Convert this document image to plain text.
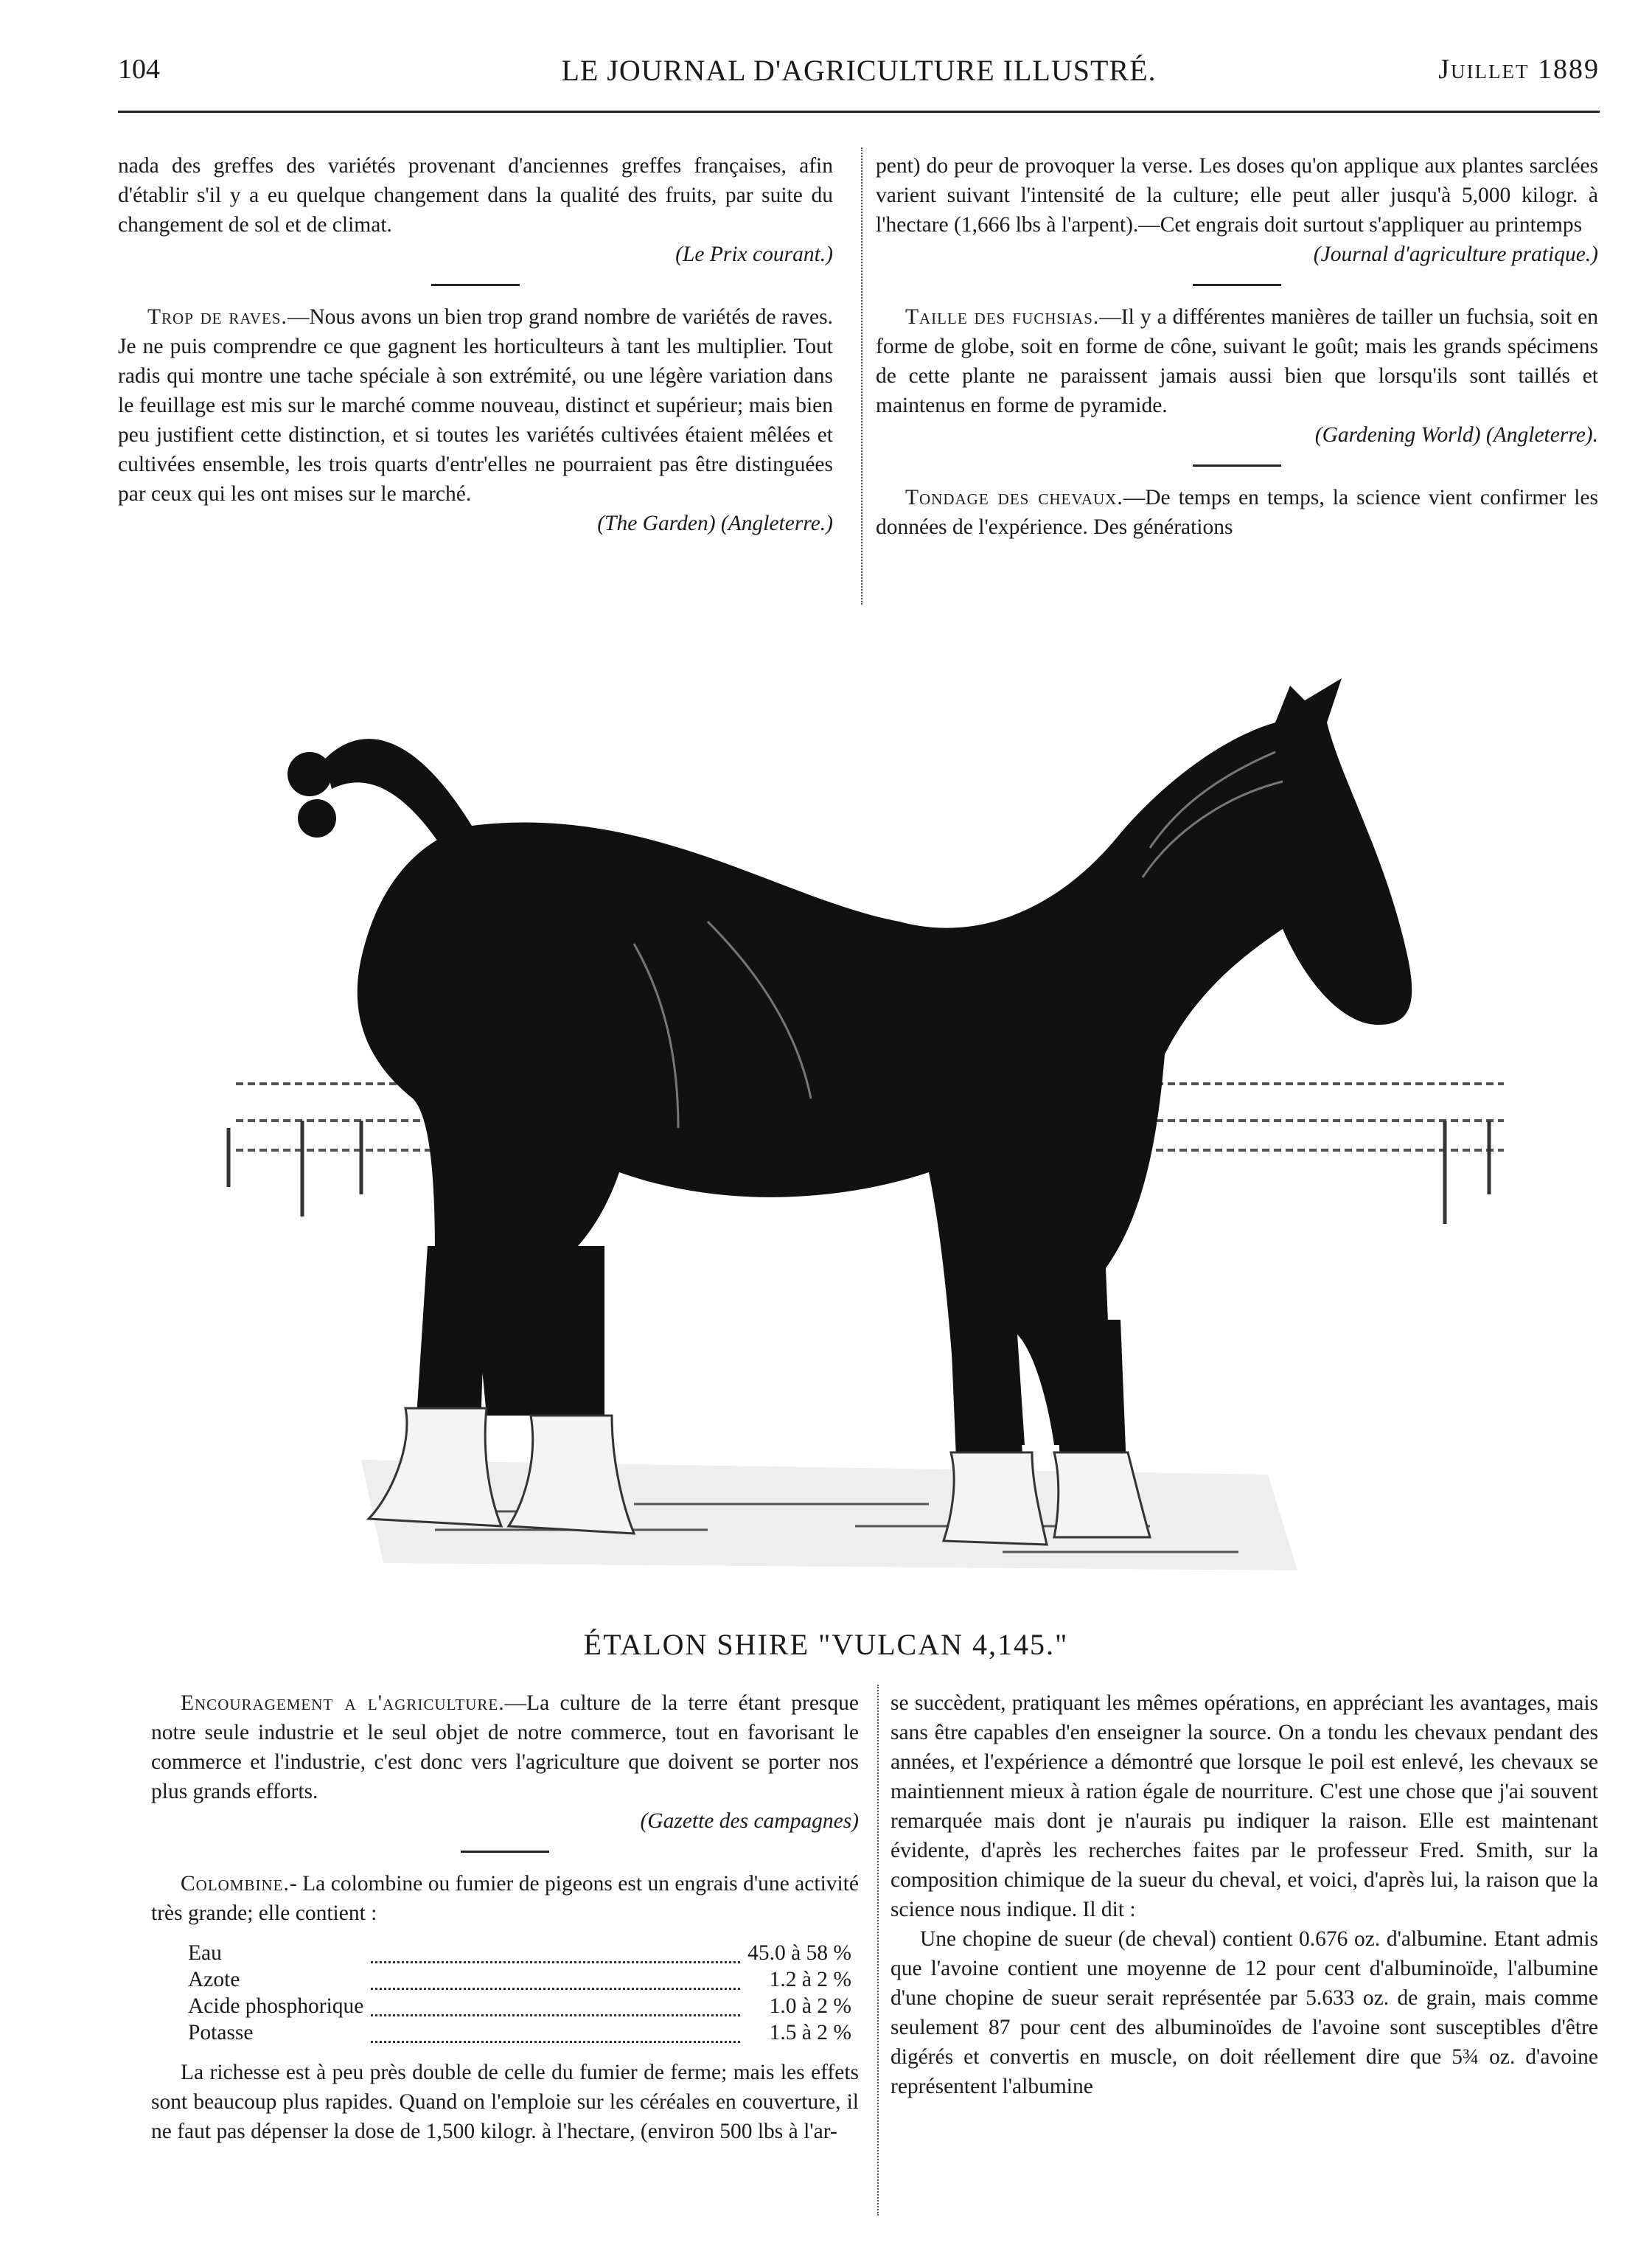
104	LE JOURNAL D'AGRICULTURE ILLUSTRÉ.	Juillet 1889

nada des greffes des variétés provenant d'anciennes greffes françaises, afin d'établir s'il y a eu quelque changement dans la qualité des fruits, par suite du changement de sol et de climat.

(Le Prix courant.)

Trop de raves.—Nous avons un bien trop grand nombre de variétés de raves. Je ne puis comprendre ce que gagnent les horticulteurs à tant les multiplier. Tout radis qui montre une tache spéciale à son extrémité, ou une légère variation dans le feuillage est mis sur le marché comme nouveau, distinct et supérieur; mais bien peu justifient cette distinction, et si toutes les variétés cultivées étaient mêlées et cultivées ensemble, les trois quarts d'entr'elles ne pourraient pas être distinguées par ceux qui les ont mises sur le marché.

(The Garden) (Angleterre.)

pent) do peur de provoquer la verse. Les doses qu'on applique aux plantes sarclées varient suivant l'intensité de la culture; elle peut aller jusqu'à 5,000 kilogr. à l'hectare (1,666 lbs à l'arpent).—Cet engrais doit surtout s'appliquer au printemps

(Journal d'agriculture pratique.)

Taille des fuchsias.—Il y a différentes manières de tailler un fuchsia, soit en forme de globe, soit en forme de cône, suivant le goût; mais les grands spécimens de cette plante ne paraissent jamais aussi bien que lorsqu'ils sont taillés et maintenus en forme de pyramide.

(Gardening World) (Angleterre).

Tondage des chevaux.—De temps en temps, la science vient confirmer les données de l'expérience. Des générations

ÉTALON SHIRE "VULCAN 4,145."

Encouragement a l'agriculture.—La culture de la terre étant presque notre seule industrie et le seul objet de notre commerce, tout en favorisant le commerce et l'industrie, c'est donc vers l'agriculture que doivent se porter nos plus grands efforts.

(Gazette des campagnes)

Colombine.- La colombine ou fumier de pigeons est un engrais d'une activité très grande; elle contient :

Eau		45.0 à 58 %
Azote		1.2 à 2 %
Acide phosphorique		1.0 à 2 %
Potasse		1.5 à 2 %

La richesse est à peu près double de celle du fumier de ferme; mais les effets sont beaucoup plus rapides. Quand on l'emploie sur les céréales en couverture, il ne faut pas dépenser la dose de 1,500 kilogr. à l'hectare, (environ 500 lbs à l'ar-

se succèdent, pratiquant les mêmes opérations, en appréciant les avantages, mais sans être capables d'en enseigner la source. On a tondu les chevaux pendant des années, et l'expérience a démontré que lorsque le poil est enlevé, les chevaux se maintiennent mieux à ration égale de nourriture. C'est une chose que j'ai souvent remarquée mais dont je n'aurais pu indiquer la raison. Elle est maintenant évidente, d'après les recherches faites par le professeur Fred. Smith, sur la composition chimique de la sueur du cheval, et voici, d'après lui, la raison que la science nous indique. Il dit :

Une chopine de sueur (de cheval) contient 0.676 oz. d'albumine. Etant admis que l'avoine contient une moyenne de 12 pour cent d'albuminoïde, l'albumine d'une chopine de sueur serait représentée par 5.633 oz. de grain, mais comme seulement 87 pour cent des albuminoïdes de l'avoine sont susceptibles d'être digérés et convertis en muscle, on doit réellement dire que 5¾ oz. d'avoine représentent l'albumine
